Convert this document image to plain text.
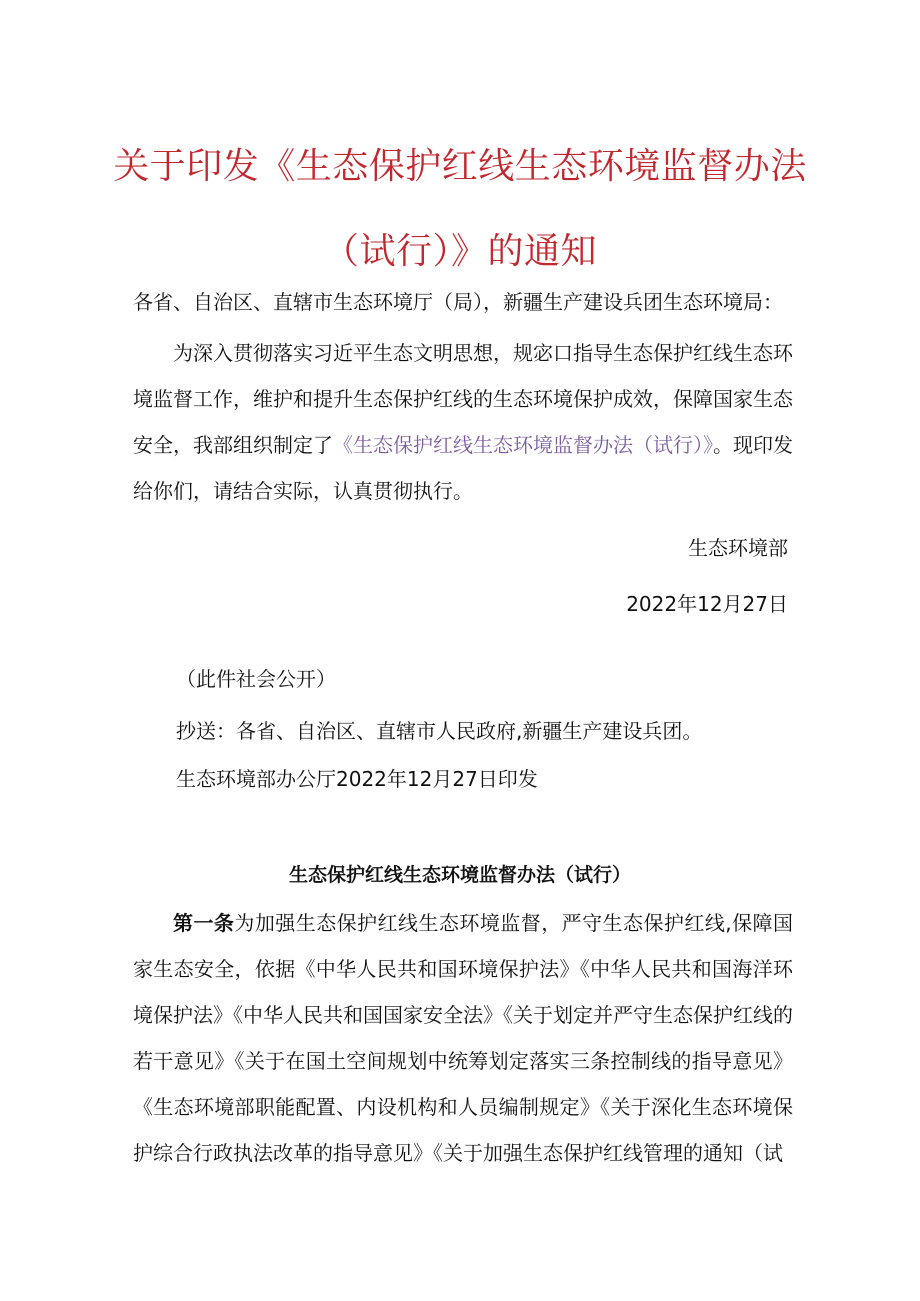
关于印发《生态保护红线生态环境监督办法
（试行）》的通知
各省、自治区、直辖市生态环境厅（局），新疆生产建设兵团生态环境局：

为深入贯彻落实习近平生态文明思想，规宓口指导生态保护红线生态环境监督工作，维护和提升生态保护红线的生态环境保护成效，保障国家生态安全，我部组织制定了《生态保护红线生态环境监督办法（试行）》。现印发给你们，请结合实际，认真贯彻执行。

生态环境部
2022年12月27日
（此件社会公开）
抄送：各省、自治区、直辖市人民政府,新疆生产建设兵团。
生态环境部办公厅2022年12月27日印发
生态保护红线生态环境监督办法（试行）

第一条为加强生态保护红线生态环境监督，严守生态保护红线,保障国家生态安全，依据《中华人民共和国环境保护法》《中华人民共和国海洋环境保护法》《中华人民共和国国家安全法》《关于划定并严守生态保护红线的若干意见》《关于在国土空间规划中统筹划定落实三条控制线的指导意见》《生态环境部职能配置、内设机构和人员编制规定》《关于深化生态环境保护综合行政执法改革的指导意见》《关于加强生态保护红线管理的通知（试
